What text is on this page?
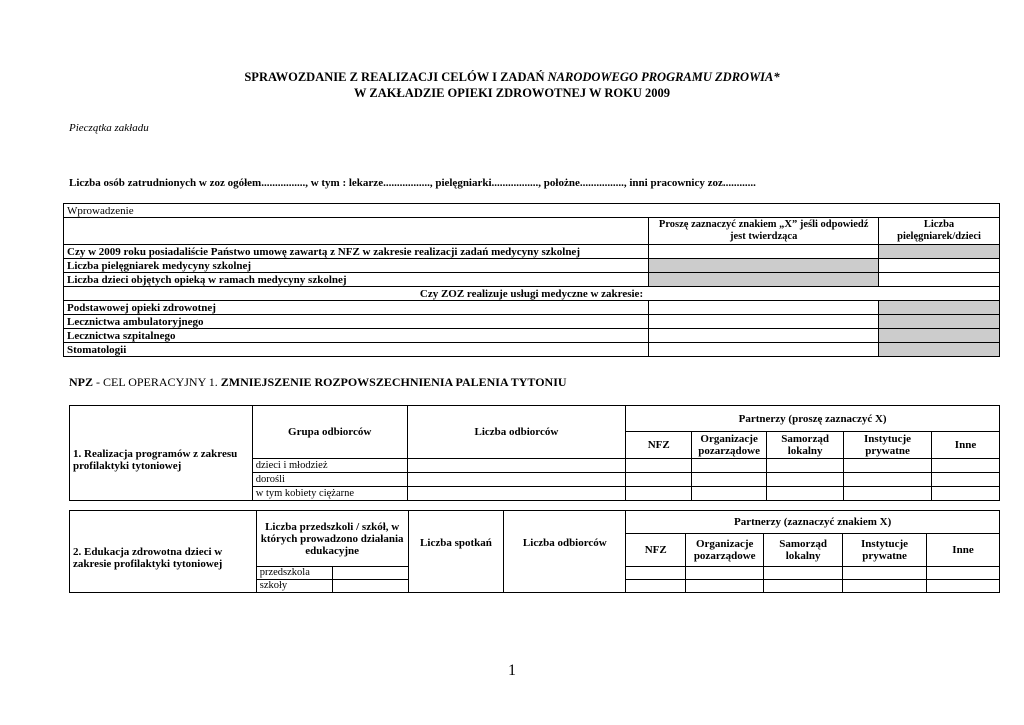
SPRAWOZDANIE Z REALIZACJI CELÓW I ZADAŃ NARODOWEGO PROGRAMU ZDROWIA*
W ZAKŁADZIE OPIEKI ZDROWOTNEJ W ROKU 2009
Pieczątka zakładu
Liczba osób zatrudnionych w zoz ogółem................, w tym : lekarze................., pielęgniarki................., położne................, inni pracownicy zoz............
Wprowadzenie		
	Proszę zaznaczyć znakiem „X” jeśli odpowiedź jest twierdząca	Liczba pielęgniarek/dzieci
Czy w 2009 roku posiadaliście Państwo umowę zawartą z NFZ w zakresie realizacji zadań medycyny szkolnej		
Liczba pielęgniarek medycyny szkolnej		
Liczba dzieci objętych opieką w ramach medycyny szkolnej		
Czy ZOZ realizuje usługi medyczne w zakresie:		
Podstawowej opieki zdrowotnej		
Lecznictwa ambulatoryjnego		
Lecznictwa szpitalnego		
Stomatologii		
NPZ - CEL OPERACYJNY 1. ZMNIEJSZENIE ROZPOWSZECHNIENIA PALENIA TYTONIU
1. Realizacja programów z zakresu profilaktyki tytoniowej	Grupa odbiorców	Liczba odbiorców	Partnerzy (proszę zaznaczyć X)				
			NFZ	Organizacje pozarządowe	Samorząd lokalny	Instytucje prywatne	Inne
	dzieci i młodzież						
	dorośli						
	w tym kobiety ciężarne						
2. Edukacja zdrowotna dzieci w zakresie profilaktyki tytoniowej	Liczba przedszkoli / szkół, w których prowadzono działania edukacyjne		Liczba spotkań	Liczba odbiorców	Partnerzy (zaznaczyć znakiem X)				
					NFZ	Organizacje pozarządowe	Samorząd lokalny	Instytucje prywatne	Inne
	przedszkola								
	szkoły								
1
